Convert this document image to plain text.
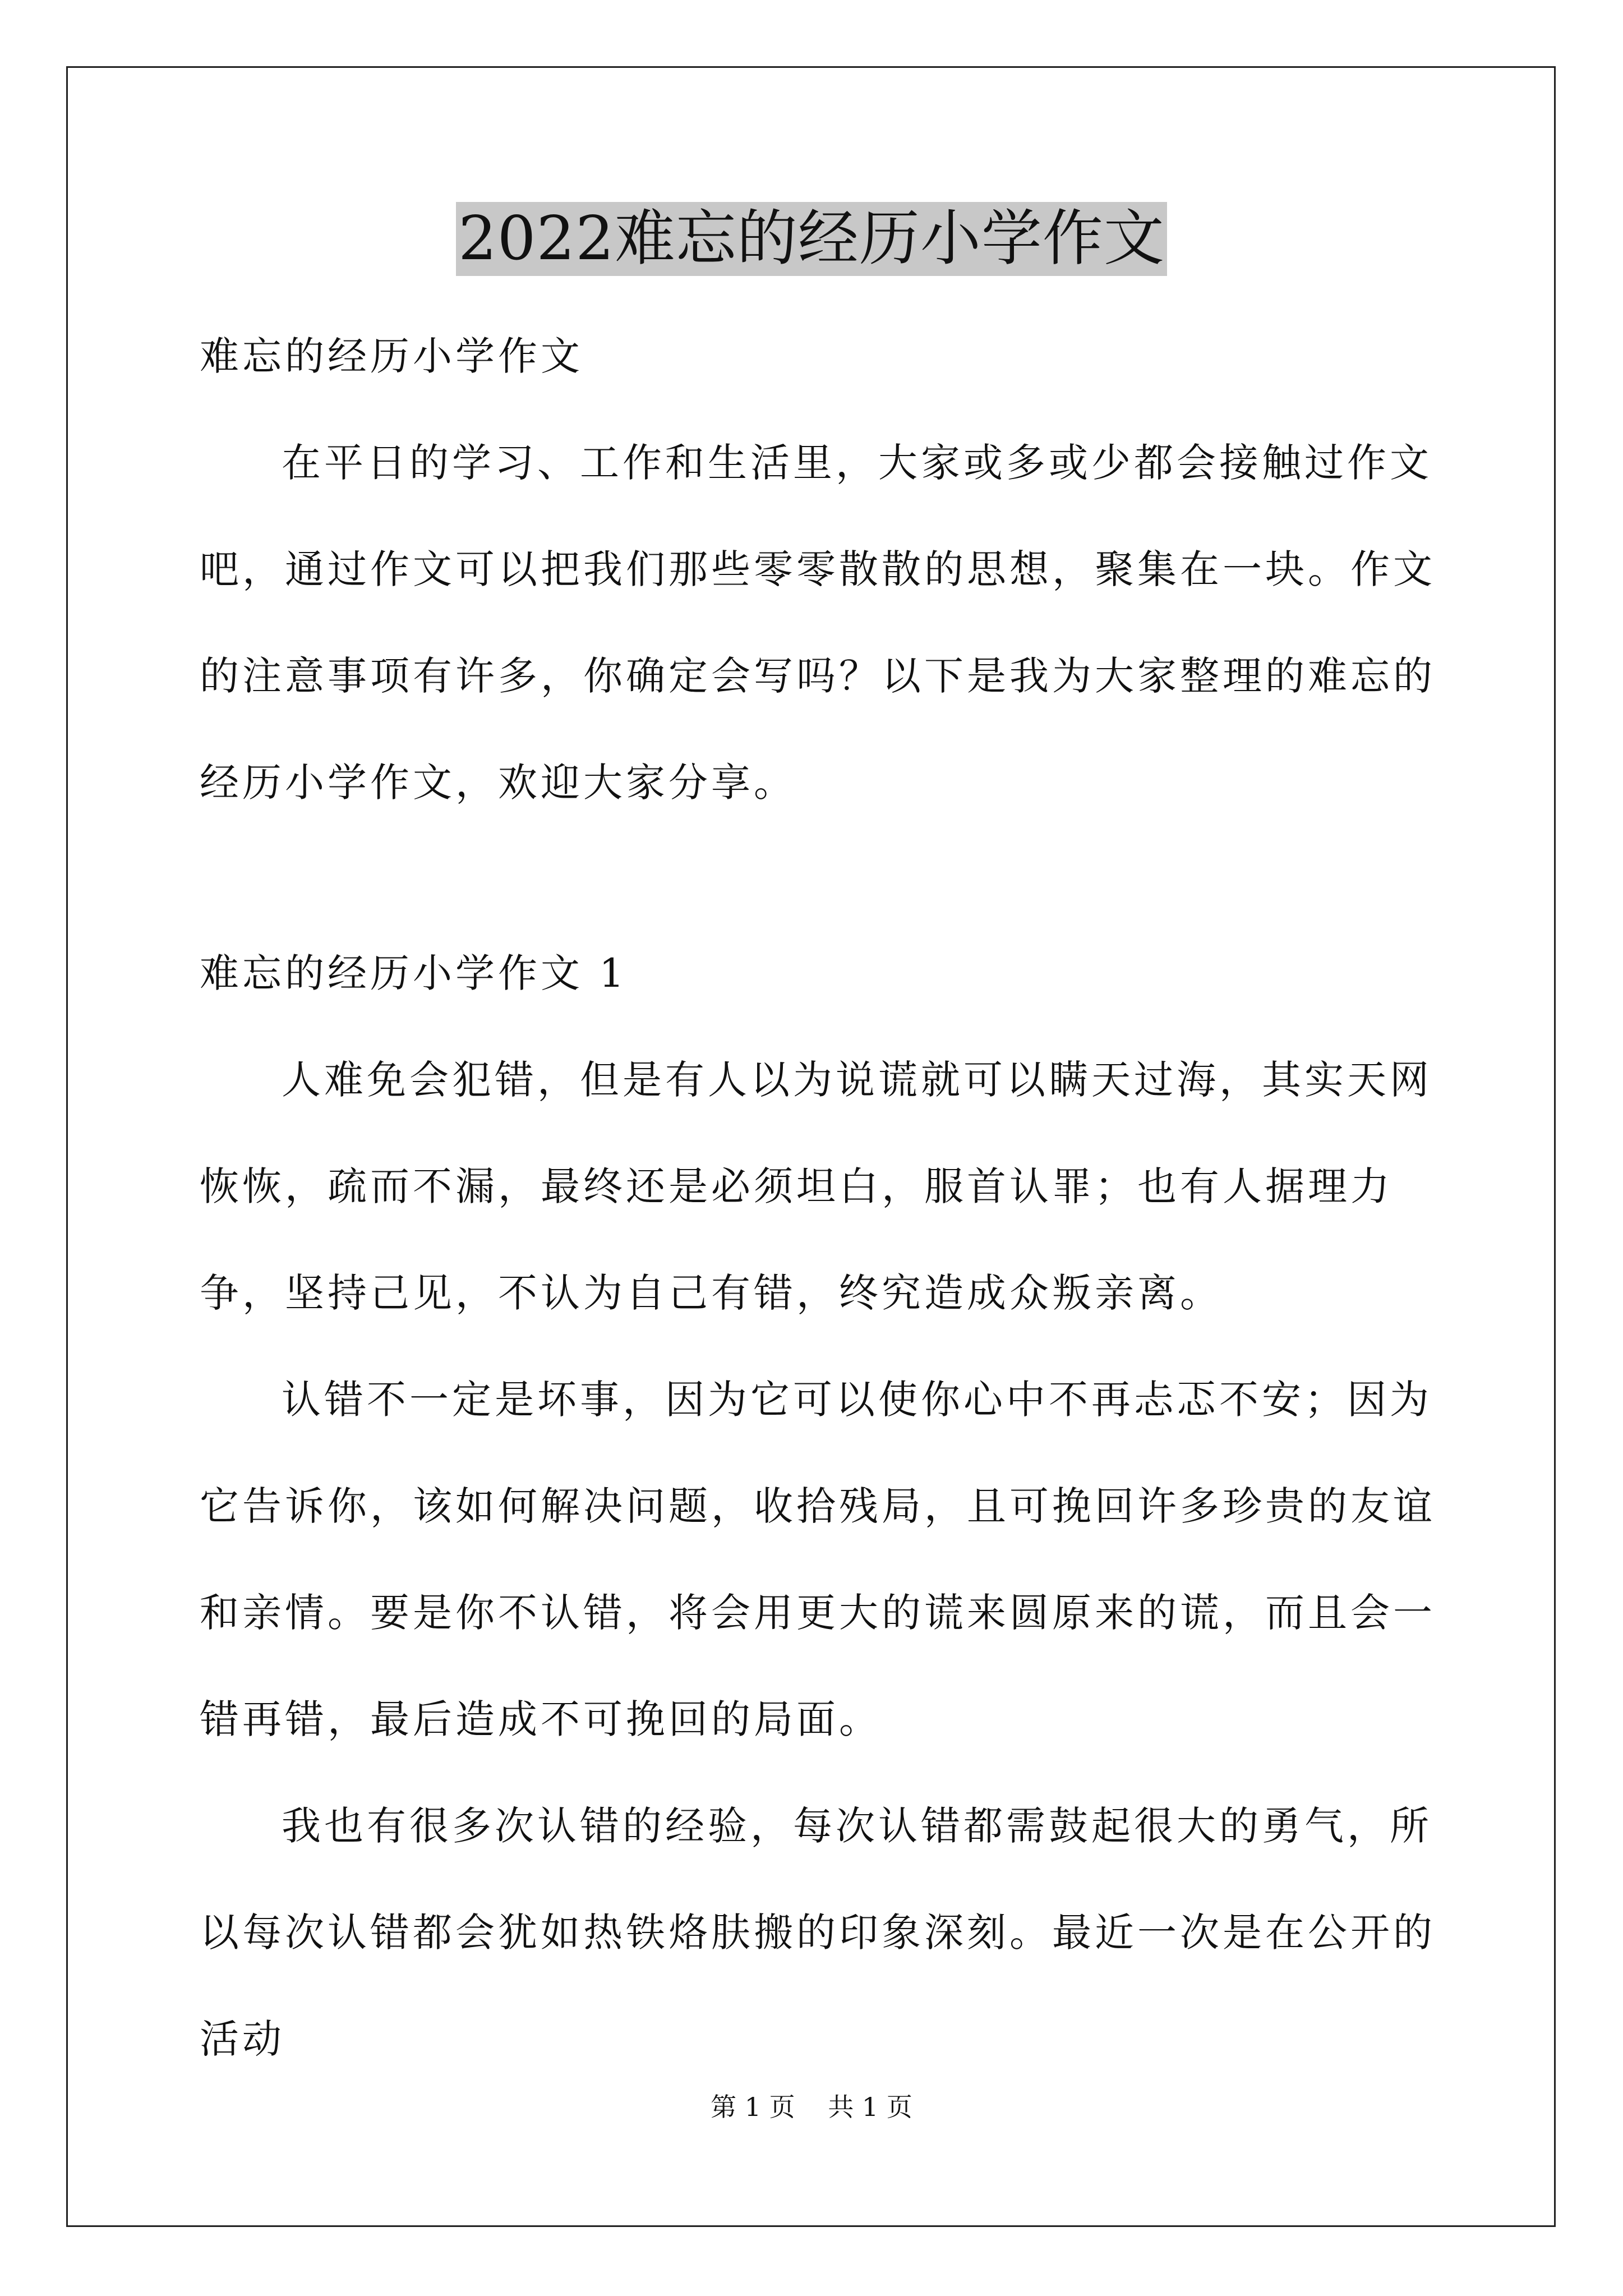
2022难忘的经历小学作文

难忘的经历小学作文

在平日的学习、工作和生活里，大家或多或少都会接触过作文吧，通过作文可以把我们那些零零散散的思想，聚集在一块。作文的注意事项有许多，你确定会写吗？以下是我为大家整理的难忘的经历小学作文，欢迎大家分享。

难忘的经历小学作文 1

人难免会犯错，但是有人以为说谎就可以瞒天过海，其实天网恢恢，疏而不漏，最终还是必须坦白，服首认罪；也有人据理力争，坚持己见，不认为自己有错，终究造成众叛亲离。

认错不一定是坏事，因为它可以使你心中不再忐忑不安；因为它告诉你，该如何解决问题，收拾残局，且可挽回许多珍贵的友谊和亲情。要是你不认错，将会用更大的谎来圆原来的谎，而且会一错再错，最后造成不可挽回的局面。

我也有很多次认错的经验，每次认错都需鼓起很大的勇气，所以每次认错都会犹如热铁烙肤搬的印象深刻。最近一次是在公开的活动

第 1 页 共 1 页
